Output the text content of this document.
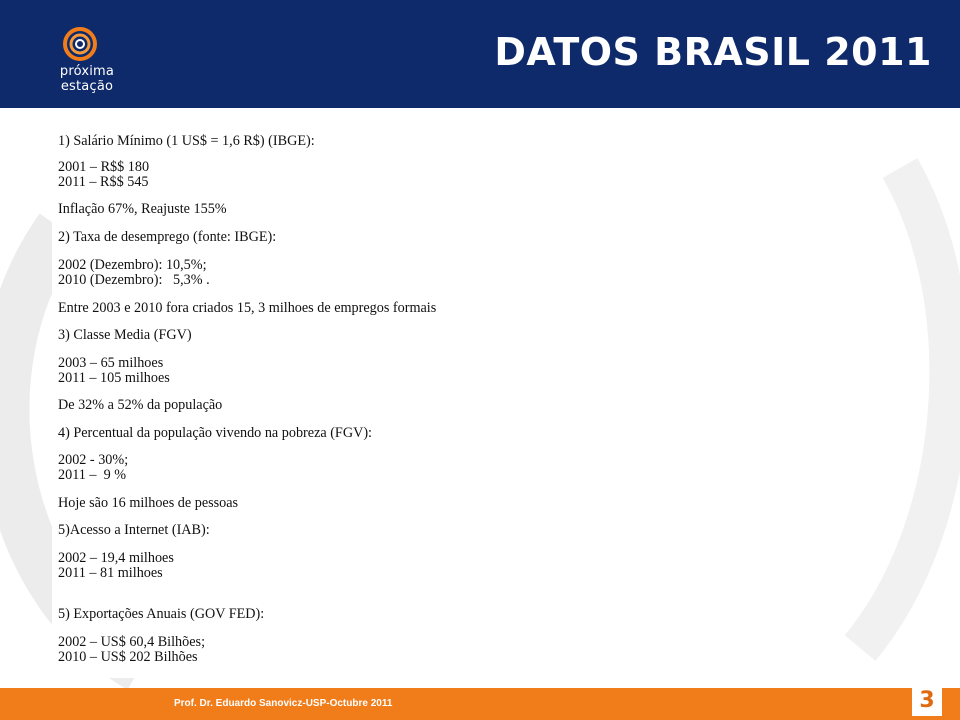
próxima estação
DATOS BRASIL 2011

1) Salário Mínimo (1 US$ = 1,6 R$) (IBGE):

2001 – R$$ 180

2011 – R$$ 545

Inflação 67%, Reajuste 155%

2) Taxa de desemprego (fonte: IBGE):

2002 (Dezembro): 10,5%;

2010 (Dezembro):   5,3% .

Entre 2003 e 2010 fora criados 15, 3 milhoes de empregos formais

3) Classe Media (FGV)

2003 – 65 milhoes

2011 – 105 milhoes

De 32% a 52% da população

4) Percentual da população vivendo na pobreza (FGV):

2002 - 30%;

2011 –  9 %

Hoje são 16 milhoes de pessoas

5)Acesso a Internet (IAB):

2002 – 19,4 milhoes

2011 – 81 milhoes

5) Exportações Anuais (GOV FED):

2002 – US$ 60,4 Bilhões;

2010 – US$ 202 Bilhões

Prof. Dr. Eduardo Sanovicz-USP-Octubre 2011	3
